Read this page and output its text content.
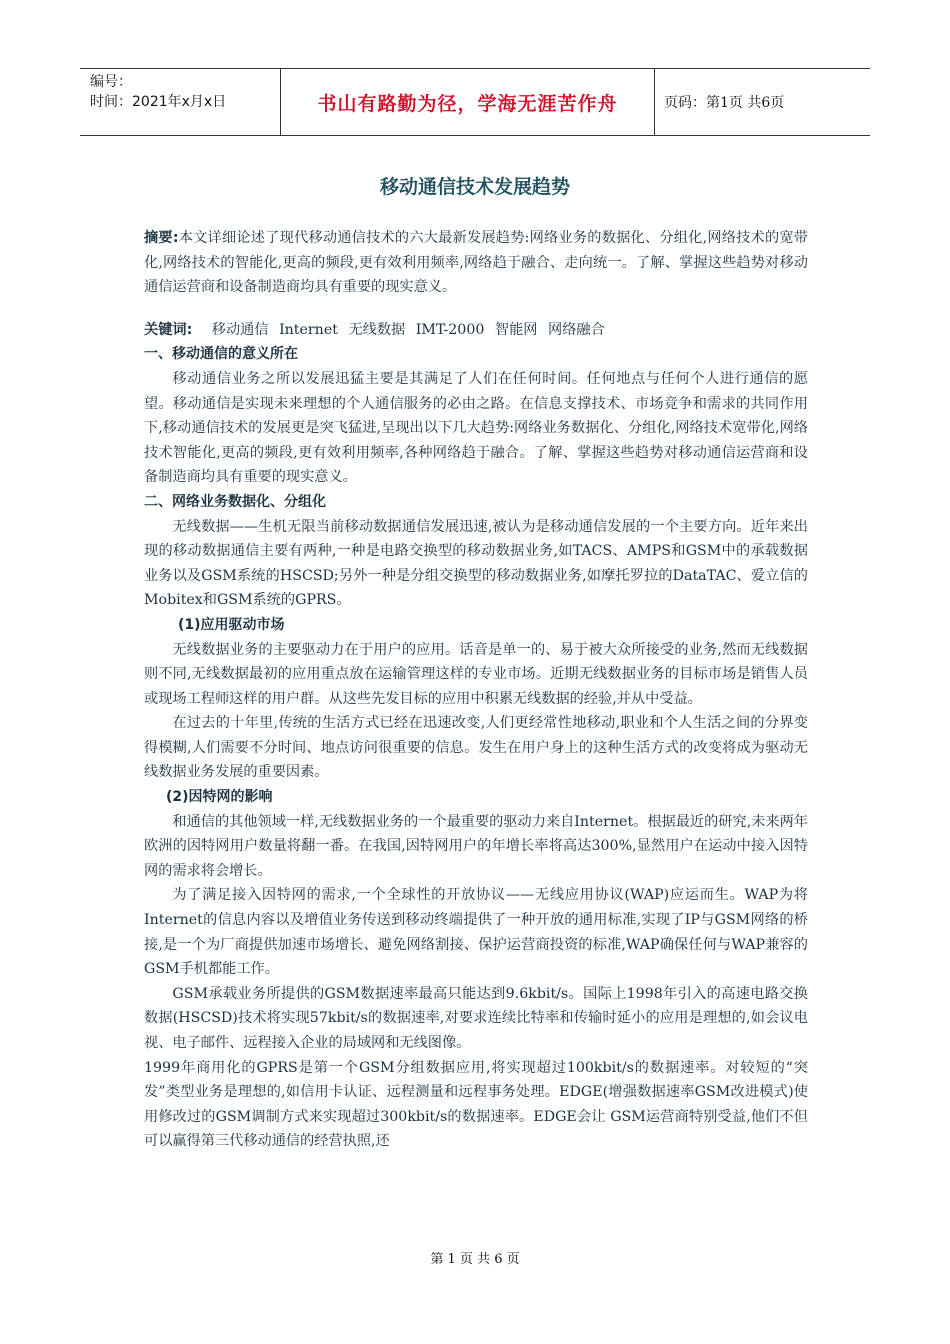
编号：
时间：2021年x月x日	书山有路勤为径，学海无涯苦作舟	页码：第1页 共6页
移动通信技术发展趋势

摘要:本文详细论述了现代移动通信技术的六大最新发展趋势:网络业务的数据化、分组化,网络技术的宽带化,网络技术的智能化,更高的频段,更有效利用频率,网络趋于融合、走向统一。了解、掌握这些趋势对移动通信运营商和设备制造商均具有重要的现实意义。

关键词: 移动通信 Internet 无线数据 IMT-2000 智能网 网络融合

一、移动通信的意义所在

移动通信业务之所以发展迅猛主要是其满足了人们在任何时间。任何地点与任何个人进行通信的愿望。移动通信是实现未来理想的个人通信服务的必由之路。在信息支撑技术、市场竞争和需求的共同作用下,移动通信技术的发展更是突飞猛进,呈现出以下几大趋势:网络业务数据化、分组化,网络技术宽带化,网络技术智能化,更高的频段,更有效利用频率,各种网络趋于融合。了解、掌握这些趋势对移动通信运营商和设备制造商均具有重要的现实意义。

二、网络业务数据化、分组化

无线数据——生机无限当前移动数据通信发展迅速,被认为是移动通信发展的一个主要方向。近年来出现的移动数据通信主要有两种,一种是电路交换型的移动数据业务,如TACS、AMPS和GSM中的承载数据业务以及GSM系统的HSCSD;另外一种是分组交换型的移动数据业务,如摩托罗拉的DataTAC、爱立信的Mobitex和GSM系统的GPRS。

(1)应用驱动市场

无线数据业务的主要驱动力在于用户的应用。话音是单一的、易于被大众所接受的业务,然而无线数据则不同,无线数据最初的应用重点放在运输管理这样的专业市场。近期无线数据业务的目标市场是销售人员或现场工程师这样的用户群。从这些先发目标的应用中积累无线数据的经验,并从中受益。

在过去的十年里,传统的生活方式已经在迅速改变,人们更经常性地移动,职业和个人生活之间的分界变得模糊,人们需要不分时间、地点访问很重要的信息。发生在用户身上的这种生活方式的改变将成为驱动无线数据业务发展的重要因素。

(2)因特网的影响

和通信的其他领域一样,无线数据业务的一个最重要的驱动力来自Internet。根据最近的研究,未来两年欧洲的因特网用户数量将翻一番。在我国,因特网用户的年增长率将高达300%,显然用户在运动中接入因特网的需求将会增长。

为了满足接入因特网的需求,一个全球性的开放协议——无线应用协议(WAP)应运而生。WAP为将Internet的信息内容以及增值业务传送到移动终端提供了一种开放的通用标准,实现了IP与GSM网络的桥接,是一个为厂商提供加速市场增长、避免网络割接、保护运营商投资的标准,WAP确保任何与WAP兼容的GSM手机都能工作。

GSM承载业务所提供的GSM数据速率最高只能达到9.6kbit/s。国际上1998年引入的高速电路交换数据(HSCSD)技术将实现57kbit/s的数据速率,对要求连续比特率和传输时延小的应用是理想的,如会议电视、电子邮件、远程接入企业的局域网和无线图像。

1999年商用化的GPRS是第一个GSM分组数据应用,将实现超过100kbit/s的数据速率。对较短的“突发”类型业务是理想的,如信用卡认证、远程测量和远程事务处理。EDGE(增强数据速率GSM改进模式)使用修改过的GSM调制方式来实现超过300kbit/s的数据速率。EDGE会让 GSM运营商特别受益,他们不但可以赢得第三代移动通信的经营执照,还

第 1 页 共 6 页
